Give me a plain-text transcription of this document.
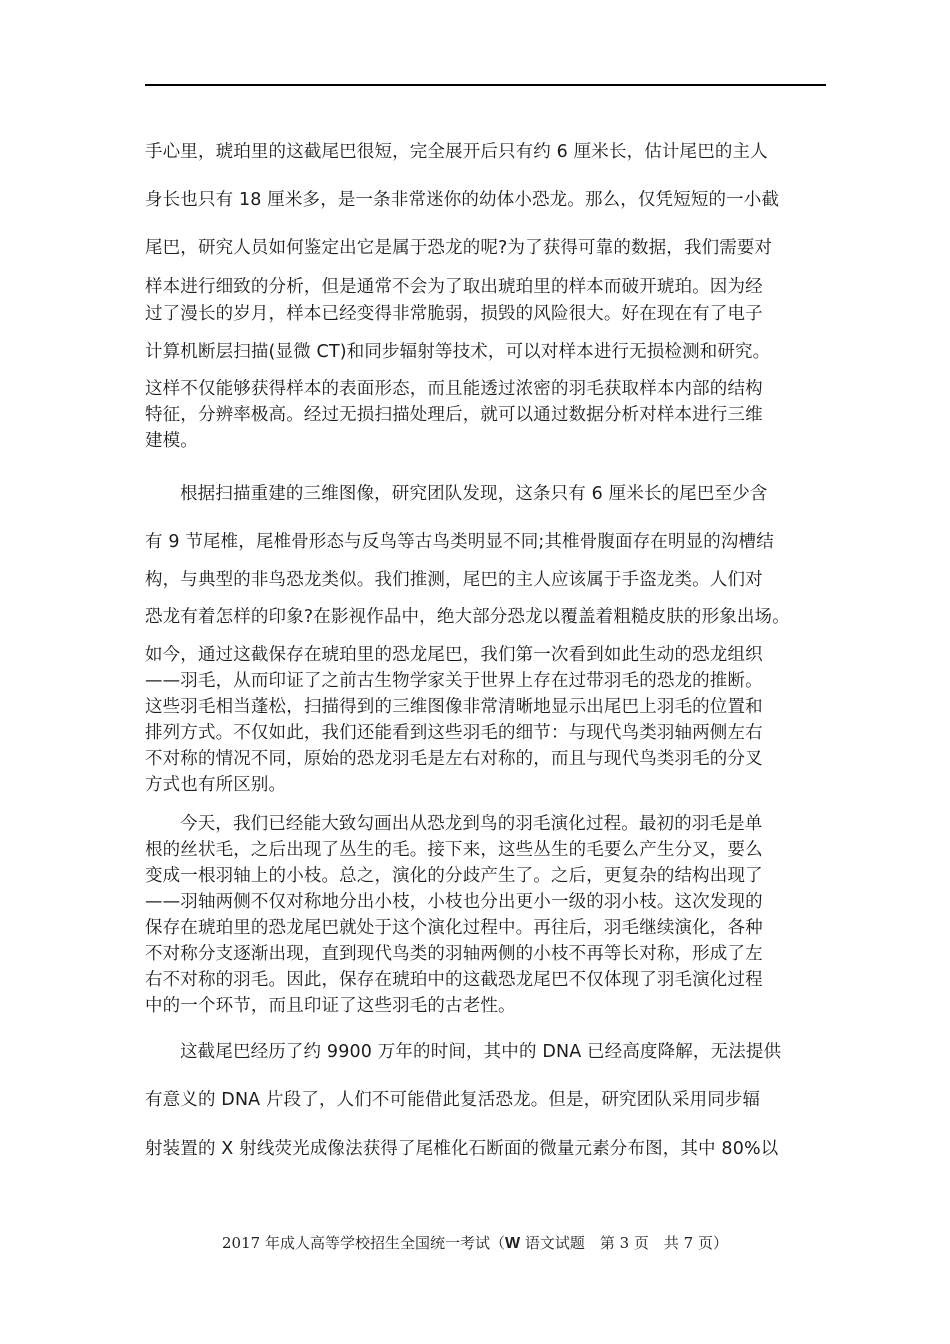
手心里，琥珀里的这截尾巴很短，完全展开后只有约 6 厘米长，估计尾巴的主人
身长也只有 18 厘米多，是一条非常迷你的幼体小恐龙。那么，仅凭短短的一小截
尾巴，研究人员如何鉴定出它是属于恐龙的呢?为了获得可靠的数据，我们需要对
样本进行细致的分析，但是通常不会为了取出琥珀里的样本而破开琥珀。因为经
过了漫长的岁月，样本已经变得非常脆弱，损毁的风险很大。好在现在有了电子
计算机断层扫描(显微 CT)和同步辐射等技术，可以对样本进行无损检测和研究。
这样不仅能够获得样本的表面形态，而且能透过浓密的羽毛获取样本内部的结构
特征，分辨率极高。经过无损扫描处理后，就可以通过数据分析对样本进行三维
建模。
根据扫描重建的三维图像，研究团队发现，这条只有 6 厘米长的尾巴至少含
有 9 节尾椎，尾椎骨形态与反鸟等古鸟类明显不同;其椎骨腹面存在明显的沟槽结
构，与典型的非鸟恐龙类似。我们推测，尾巴的主人应该属于手盗龙类。人们对
恐龙有着怎样的印象?在影视作品中，绝大部分恐龙以覆盖着粗糙皮肤的形象出场。
如今，通过这截保存在琥珀里的恐龙尾巴，我们第一次看到如此生动的恐龙组织
——羽毛，从而印证了之前古生物学家关于世界上存在过带羽毛的恐龙的推断。
这些羽毛相当蓬松，扫描得到的三维图像非常清晰地显示出尾巴上羽毛的位置和
排列方式。不仅如此，我们还能看到这些羽毛的细节：与现代鸟类羽轴两侧左右
不对称的情况不同，原始的恐龙羽毛是左右对称的，而且与现代鸟类羽毛的分叉
方式也有所区别。
今天，我们已经能大致勾画出从恐龙到鸟的羽毛演化过程。最初的羽毛是单
根的丝状毛，之后出现了丛生的毛。接下来，这些丛生的毛要么产生分叉，要么
变成一根羽轴上的小枝。总之，演化的分歧产生了。之后，更复杂的结构出现了
——羽轴两侧不仅对称地分出小枝，小枝也分出更小一级的羽小枝。这次发现的
保存在琥珀里的恐龙尾巴就处于这个演化过程中。再往后，羽毛继续演化，各种
不对称分支逐渐出现，直到现代鸟类的羽轴两侧的小枝不再等长对称，形成了左
右不对称的羽毛。因此，保存在琥珀中的这截恐龙尾巴不仅体现了羽毛演化过程
中的一个环节，而且印证了这些羽毛的古老性。
这截尾巴经历了约 9900 万年的时间，其中的 DNA 已经高度降解，无法提供
有意义的 DNA 片段了，人们不可能借此复活恐龙。但是，研究团队采用同步辐
射装置的 X 射线荧光成像法获得了尾椎化石断面的微量元素分布图，其中 80%以
2017 年成人高等学校招生全国统一考试（W 语文试题　第 3 页　共 7 页）
